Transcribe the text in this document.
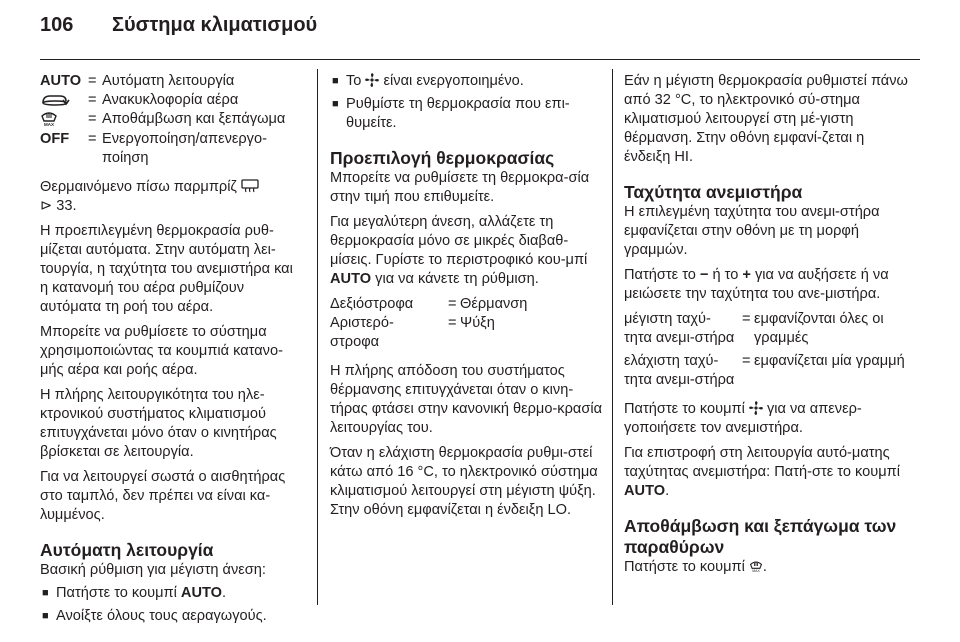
106	Σύστημα κλιματισμού
AUTO = Αυτόματη λειτουργία
= Ανακυκλοφορία αέρα
MAX = Αποθάμβωση και ξεπάγωμα
OFF	= Ενεργοποίηση/απενεργο-ποίηση

Θερμαινόμενο πίσω παρμπρίζ
⊳ 33.

Η προεπιλεγμένη θερμοκρασία ρυθ-μίζεται αυτόματα. Στην αυτόματη λει-τουργία, η ταχύτητα του ανεμιστήρα και η κατανομή του αέρα ρυθμίζουν αυτόματα τη ροή του αέρα.

Μπορείτε να ρυθμίσετε το σύστημα χρησιμοποιώντας τα κουμπιά κατανο-μής αέρα και ροής αέρα.

Η πλήρης λειτουργικότητα του ηλε-κτρονικού συστήματος κλιματισμού επιτυγχάνεται μόνο όταν ο κινητήρας βρίσκεται σε λειτουργία.

Για να λειτουργεί σωστά ο αισθητήρας στο ταμπλό, δεν πρέπει να είναι κα-λυμμένος.

Αυτόματη λειτουργία
Βασική ρύθμιση για μέγιστη άνεση:
■ Πατήστε το κουμπί AUTO.
■ Ανοίξτε όλους τους αεραγωγούς.
■ Το  είναι ενεργοποιημένο.
■ Ρυθμίστε τη θερμοκρασία που επι-θυμείτε.
Προεπιλογή θερμοκρασίας

Μπορείτε να ρυθμίσετε τη θερμοκρα-σία στην τιμή που επιθυμείτε.

Για μεγαλύτερη άνεση, αλλάζετε τη θερμοκρασία μόνο σε μικρές διαβαθ-μίσεις. Γυρίστε το περιστροφικό κου-μπί AUTO για να κάνετε τη ρύθμιση.

Δεξιόστροφα	= Θέρμανση
Αριστερό-στροφα
= Ψύξη

Η πλήρης απόδοση του συστήματος θέρμανσης επιτυγχάνεται όταν ο κινη-τήρας φτάσει στην κανονική θερμο-κρασία λειτουργίας του.

Όταν η ελάχιστη θερμοκρασία ρυθμι-στεί κάτω από 16 °C, το ηλεκτρονικό σύστημα κλιματισμού λειτουργεί στη μέγιστη ψύξη. Στην οθόνη εμφανίζεται η ένδειξη LO.

Εάν η μέγιστη θερμοκρασία ρυθμιστεί πάνω από 32 °C, το ηλεκτρονικό σύ-στημα κλιματισμού λειτουργεί στη μέ-γιστη θέρμανση. Στην οθόνη εμφανί-ζεται η ένδειξη HI.

Ταχύτητα ανεμιστήρα

Η επιλεγμένη ταχύτητα του ανεμι-στήρα εμφανίζεται στην οθόνη με τη μορφή γραμμών.

Πατήστε το − ή το + για να αυξήσετε ή να μειώσετε την ταχύτητα του ανε-μιστήρα.

μέγιστη ταχύ-τητα ανεμι-στήρα
= εμφανίζονται όλες οι γραμμές
ελάχιστη ταχύ-τητα ανεμι-στήρα
= εμφανίζεται μία γραμμή

Πατήστε το κουμπί  για να απενερ-γοποιήσετε τον ανεμιστήρα.

Για επιστροφή στη λειτουργία αυτό-ματης ταχύτητας ανεμιστήρα: Πατή-στε το κουμπί AUTO.

Αποθάμβωση και ξεπάγωμα των παραθύρων

Πατήστε το κουμπί MAX .
